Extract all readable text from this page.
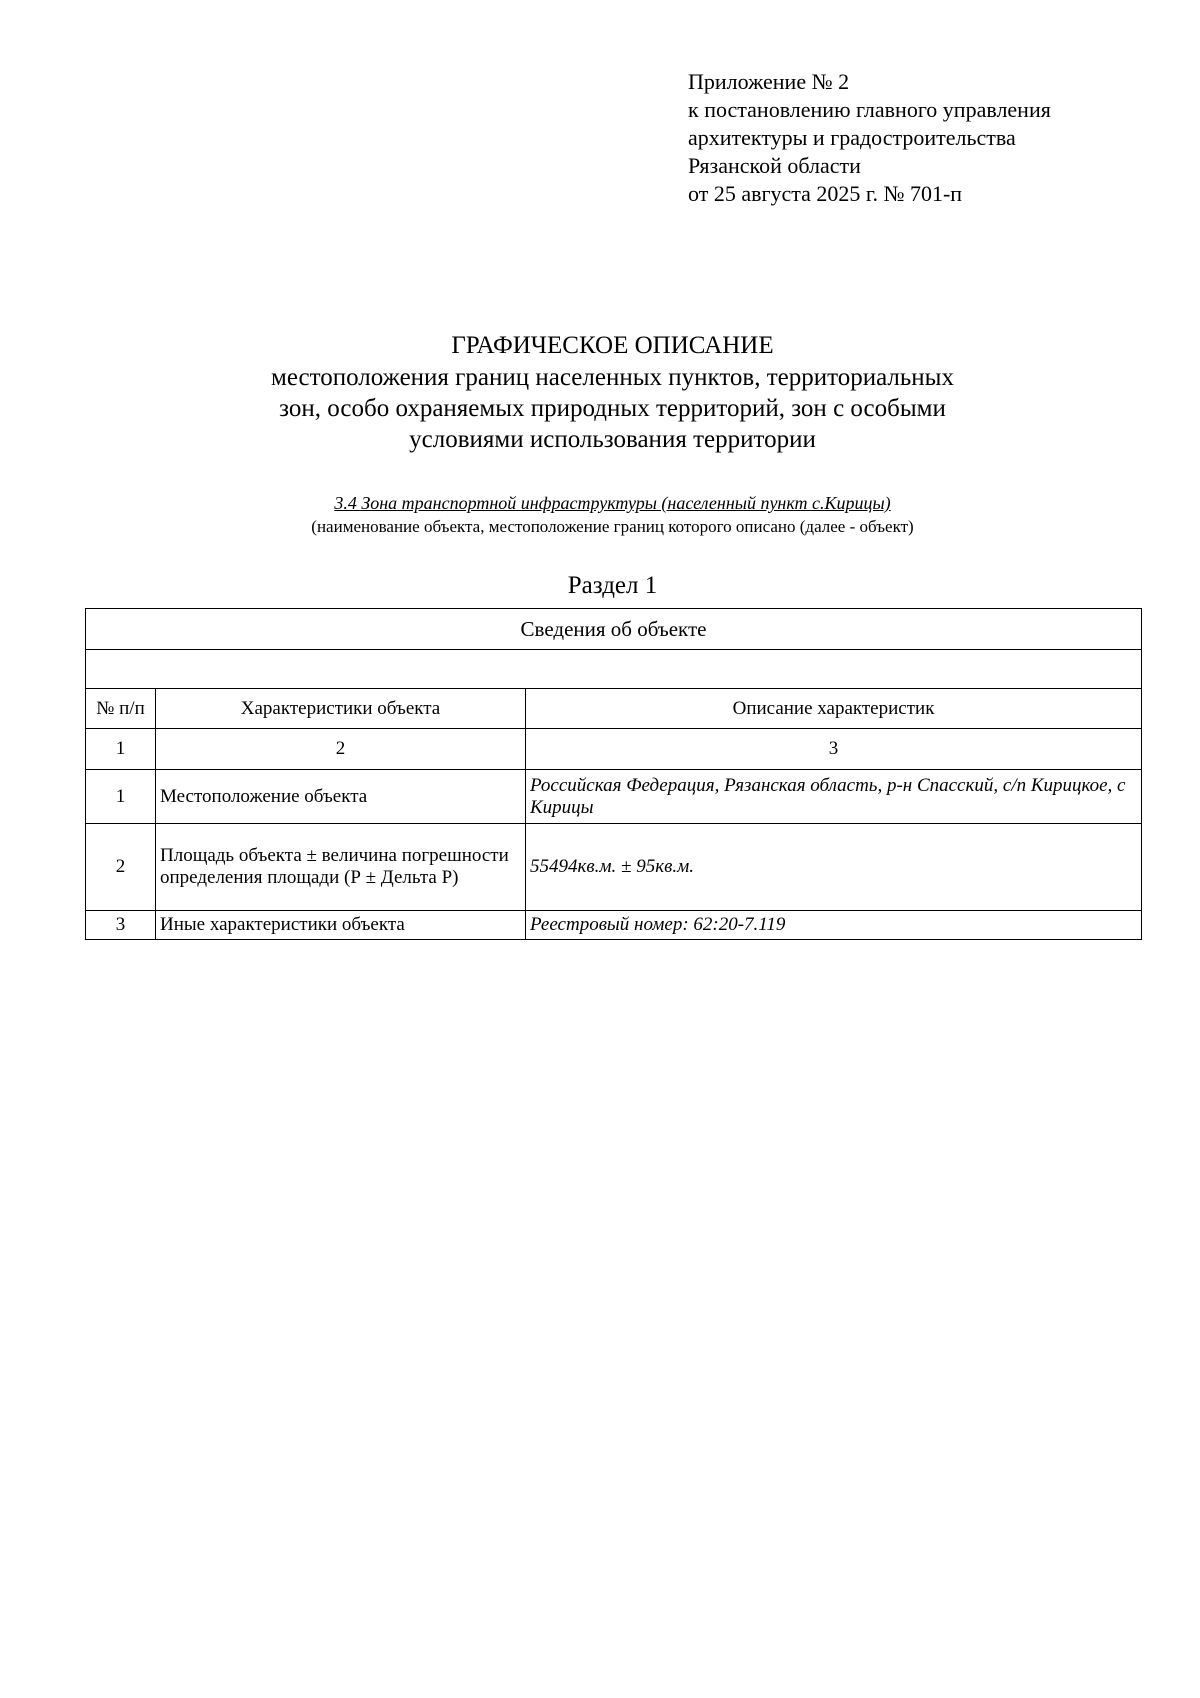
Приложение № 2
к постановлению главного управления
архитектуры и градостроительства
Рязанской области
от 25 августа 2025 г. № 701-п
ГРАФИЧЕСКОЕ ОПИСАНИЕ
местоположения границ населенных пунктов, территориальных
зон, особо охраняемых природных территорий, зон с особыми
условиями использования территории
3.4 Зона транспортной инфраструктуры (населенный пункт с.Кирицы)
(наименование объекта, местоположение границ которого описано (далее - объект)
Раздел 1
Сведения об объекте		

№ п/п	Характеристики объекта	Описание характеристик
1	2	3
1	Местоположение объекта	Российская Федерация, Рязанская область, р-н Спасский, с/п Кирицкое, с Кирицы
2	Площадь объекта ± величина погрешности определения площади (Р ± Дельта Р)	55494кв.м. ± 95кв.м.
3	Иные характеристики объекта	Реестровый номер: 62:20-7.119
